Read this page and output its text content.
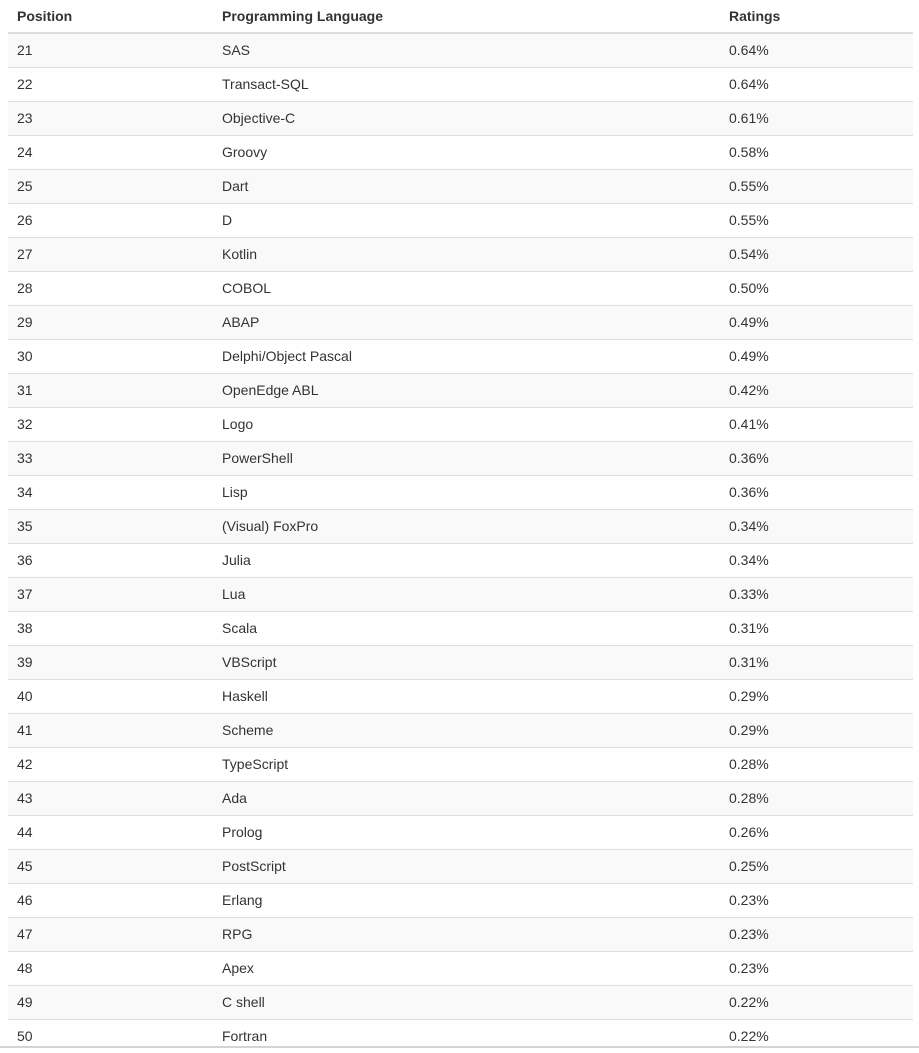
Position	Programming Language	Ratings
21	SAS	0.64%
22	Transact-SQL	0.64%
23	Objective-C	0.61%
24	Groovy	0.58%
25	Dart	0.55%
26	D	0.55%
27	Kotlin	0.54%
28	COBOL	0.50%
29	ABAP	0.49%
30	Delphi/Object Pascal	0.49%
31	OpenEdge ABL	0.42%
32	Logo	0.41%
33	PowerShell	0.36%
34	Lisp	0.36%
35	(Visual) FoxPro	0.34%
36	Julia	0.34%
37	Lua	0.33%
38	Scala	0.31%
39	VBScript	0.31%
40	Haskell	0.29%
41	Scheme	0.29%
42	TypeScript	0.28%
43	Ada	0.28%
44	Prolog	0.26%
45	PostScript	0.25%
46	Erlang	0.23%
47	RPG	0.23%
48	Apex	0.23%
49	C shell	0.22%
50	Fortran	0.22%
